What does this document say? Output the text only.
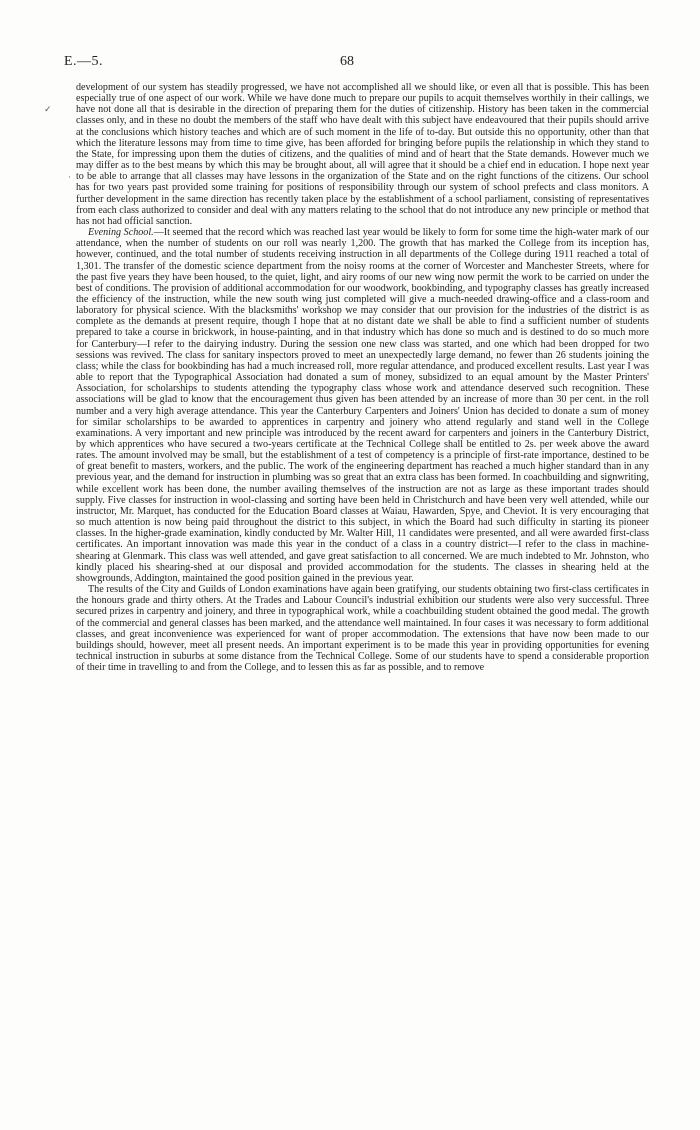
E.—5.	68

development of our system has steadily progressed, we have not accomplished all we should like, or even all that is possible. This has been especially true of one aspect of our work. While we have done much to prepare our pupils to acquit themselves worthily in their callings, we have not done all that is desirable in the direction of preparing them for the duties of citizenship. History has been taken in the commercial classes only, and in these no doubt the members of the staff who have dealt with this subject have endeavoured that their pupils should arrive at the conclusions which history teaches and which are of such moment in the life of to-day. But outside this no opportunity, other than that which the literature lessons may from time to time give, has been afforded for bringing before pupils the relationship in which they stand to the State, for impressing upon them the duties of citizens, and the qualities of mind and of heart that the State demands. However much we may differ as to the best means by which this may be brought about, all will agree that it should be a chief end in education. I hope next year to be able to arrange that all classes may have lessons in the organization of the State and on the right functions of the citizens. Our school has for two years past provided some training for positions of responsibility through our system of school prefects and class monitors. A further development in the same direction has recently taken place by the establishment of a school parliament, consisting of representatives from each class authorized to consider and deal with any matters relating to the school that do not introduce any new principle or method that has not had official sanction.

Evening School.—It seemed that the record which was reached last year would be likely to form for some time the high-water mark of our attendance, when the number of students on our roll was nearly 1,200. The growth that has marked the College from its inception has, however, continued, and the total number of students receiving instruction in all departments of the College during 1911 reached a total of 1,301. The transfer of the domestic science department from the noisy rooms at the corner of Worcester and Manchester Streets, where for the past five years they have been housed, to the quiet, light, and airy rooms of our new wing now permit the work to be carried on under the best of conditions. The provision of additional accommodation for our woodwork, bookbinding, and typography classes has greatly increased the efficiency of the instruction, while the new south wing just completed will give a much-needed drawing-office and a class-room and laboratory for physical science. With the blacksmiths' workshop we may consider that our provision for the industries of the district is as complete as the demands at present require, though I hope that at no distant date we shall be able to find a sufficient number of students prepared to take a course in brickwork, in house-painting, and in that industry which has done so much and is destined to do so much more for Canterbury—I refer to the dairying industry. During the session one new class was started, and one which had been dropped for two sessions was revived. The class for sanitary inspectors proved to meet an unexpectedly large demand, no fewer than 26 students joining the class; while the class for bookbinding has had a much increased roll, more regular attendance, and produced excellent results. Last year I was able to report that the Typographical Association had donated a sum of money, subsidized to an equal amount by the Master Printers' Association, for scholarships to students attending the typography class whose work and attendance deserved such recognition. These associations will be glad to know that the encouragement thus given has been attended by an increase of more than 30 per cent. in the roll number and a very high average attendance. This year the Canterbury Carpenters and Joiners' Union has decided to donate a sum of money for similar scholarships to be awarded to apprentices in carpentry and joinery who attend regularly and stand well in the College examinations. A very important and new principle was introduced by the recent award for carpenters and joiners in the Canterbury District, by which apprentices who have secured a two-years certificate at the Technical College shall be entitled to 2s. per week above the award rates. The amount involved may be small, but the establishment of a test of competency is a principle of first-rate importance, destined to be of great benefit to masters, workers, and the public. The work of the engineering department has reached a much higher standard than in any previous year, and the demand for instruction in plumbing was so great that an extra class has been formed. In coachbuilding and signwriting, while excellent work has been done, the number availing themselves of the instruction are not as large as these important trades should supply. Five classes for instruction in wool-classing and sorting have been held in Christchurch and have been very well attended, while our instructor, Mr. Marquet, has conducted for the Education Board classes at Waiau, Hawarden, Spye, and Cheviot. It is very encouraging that so much attention is now being paid throughout the district to this subject, in which the Board had such difficulty in starting its pioneer classes. In the higher-grade examination, kindly conducted by Mr. Walter Hill, 11 candidates were presented, and all were awarded first-class certificates. An important innovation was made this year in the conduct of a class in a country district—I refer to the class in machine-shearing at Glenmark. This class was well attended, and gave great satisfaction to all concerned. We are much indebted to Mr. Johnston, who kindly placed his shearing-shed at our disposal and provided accommodation for the students. The classes in shearing held at the showgrounds, Addington, maintained the good position gained in the previous year.

The results of the City and Guilds of London examinations have again been gratifying, our students obtaining two first-class certificates in the honours grade and thirty others. At the Trades and Labour Council's industrial exhibition our students were also very successful. Three secured prizes in carpentry and joinery, and three in typographical work, while a coachbuilding student obtained the good medal. The growth of the commercial and general classes has been marked, and the attendance well maintained. In four cases it was necessary to form additional classes, and great inconvenience was experienced for want of proper accommodation. The extensions that have now been made to our buildings should, however, meet all present needs. An important experiment is to be made this year in providing opportunities for evening technical instruction in suburbs at some distance from the Technical College. Some of our students have to spend a considerable proportion of their time in travelling to and from the College, and to lessen this as far as possible, and to remove

✓
·
